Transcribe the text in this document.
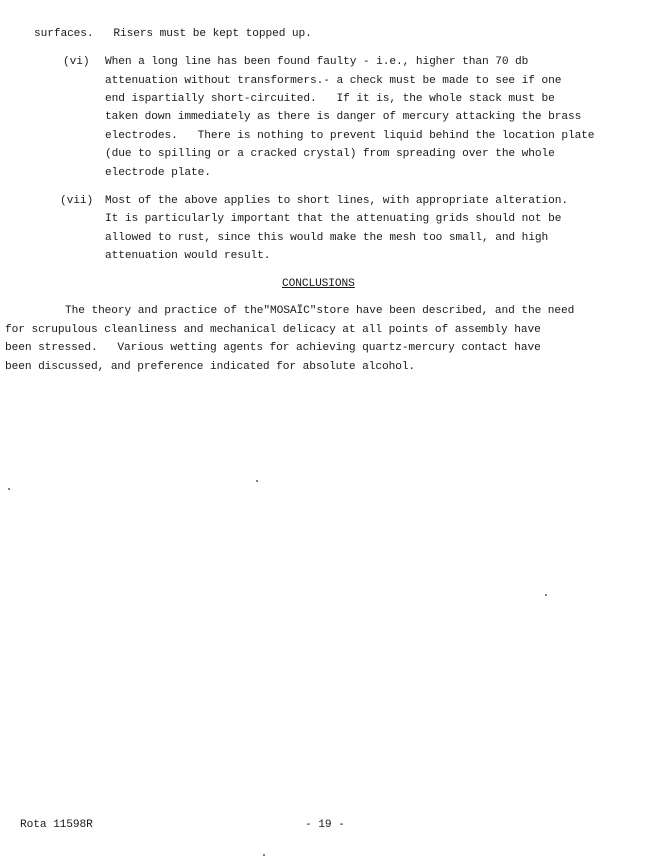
surfaces.   Risers must be kept topped up.
(vi) When a long line has been found faulty - i.e., higher than 70 db
attenuation without transformers.- a check must be made to see if one
end ispartially short-circuited.   If it is, the whole stack must be
taken down immediately as there is danger of mercury attacking the brass
electrodes.   There is nothing to prevent liquid behind the location plate
(due to spilling or a cracked crystal) from spreading over the whole
electrode plate.
(vii) Most of the above applies to short lines, with appropriate alteration.
It is particularly important that the attenuating grids should not be
allowed to rust, since this would make the mesh too small, and high
attenuation would result.
CONCLUSIONS
The theory and practice of the"MOSAÏC"store have been described, and the need
for scrupulous cleanliness and mechanical delicacy at all points of assembly have
been stressed.   Various wetting agents for achieving quartz-mercury contact have
been discussed, and preference indicated for absolute alcohol.
Rota 11598R	- 19 -
